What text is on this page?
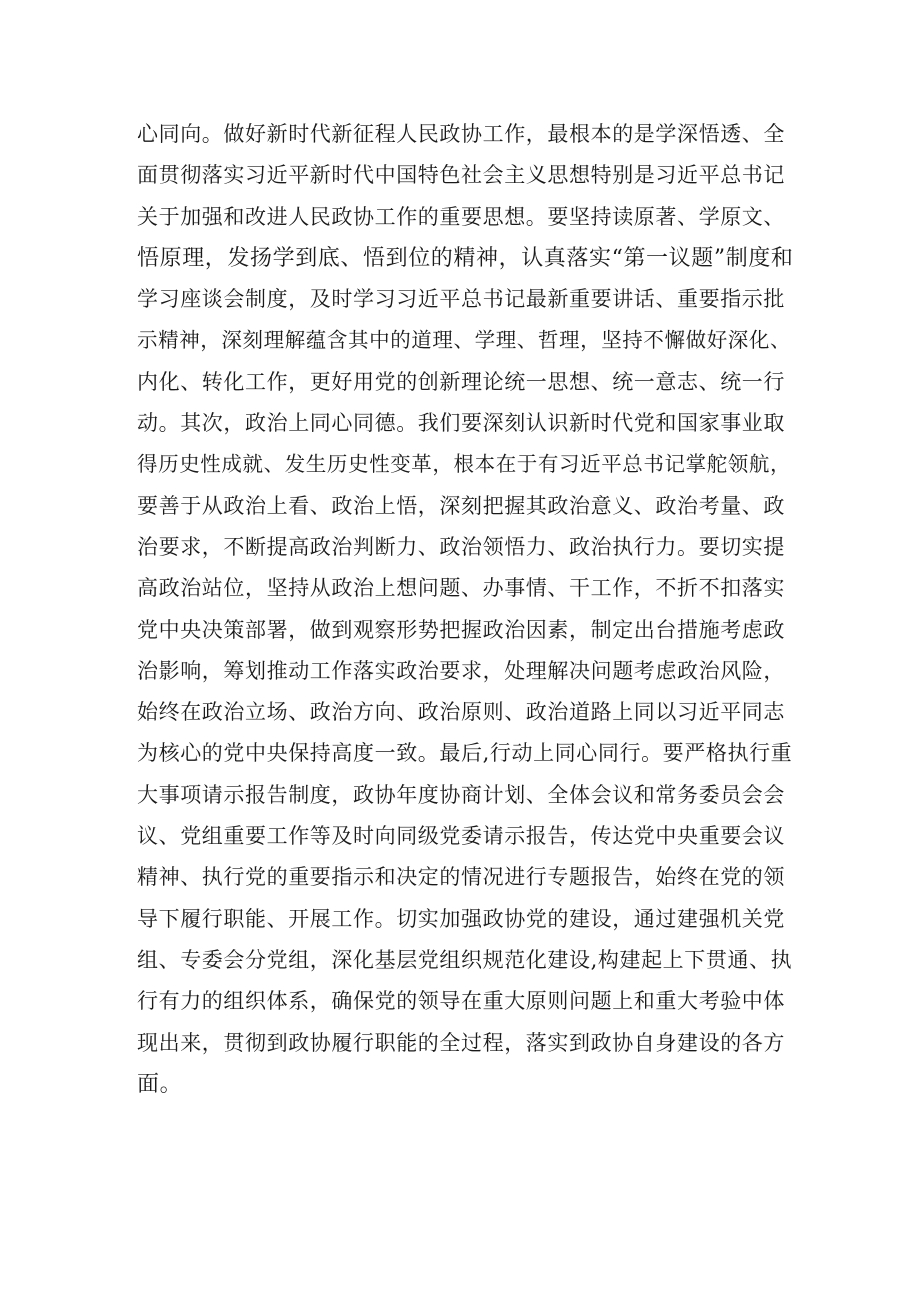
心同向。做好新时代新征程人民政协工作，最根本的是学深悟透、全
面贯彻落实习近平新时代中国特色社会主义思想特别是习近平总书记
关于加强和改进人民政协工作的重要思想。要坚持读原著、学原文、
悟原理，发扬学到底、悟到位的精神，认真落实“第一议题”制度和
学习座谈会制度，及时学习习近平总书记最新重要讲话、重要指示批
示精神，深刻理解蕴含其中的道理、学理、哲理，坚持不懈做好深化、
内化、转化工作，更好用党的创新理论统一思想、统一意志、统一行
动。其次，政治上同心同德。我们要深刻认识新时代党和国家事业取
得历史性成就、发生历史性变革，根本在于有习近平总书记掌舵领航，
要善于从政治上看、政治上悟，深刻把握其政治意义、政治考量、政
治要求，不断提高政治判断力、政治领悟力、政治执行力。要切实提
高政治站位，坚持从政治上想问题、办事情、干工作，不折不扣落实
党中央决策部署，做到观察形势把握政治因素，制定出台措施考虑政
治影响，筹划推动工作落实政治要求，处理解决问题考虑政治风险，
始终在政治立场、政治方向、政治原则、政治道路上同以习近平同志
为核心的党中央保持高度一致。最后,行动上同心同行。要严格执行重
大事项请示报告制度，政协年度协商计划、全体会议和常务委员会会
议、党组重要工作等及时向同级党委请示报告，传达党中央重要会议
精神、执行党的重要指示和决定的情况进行专题报告，始终在党的领
导下履行职能、开展工作。切实加强政协党的建设，通过建强机关党
组、专委会分党组，深化基层党组织规范化建设,构建起上下贯通、执
行有力的组织体系，确保党的领导在重大原则问题上和重大考验中体
现出来，贯彻到政协履行职能的全过程，落实到政协自身建设的各方
面。
